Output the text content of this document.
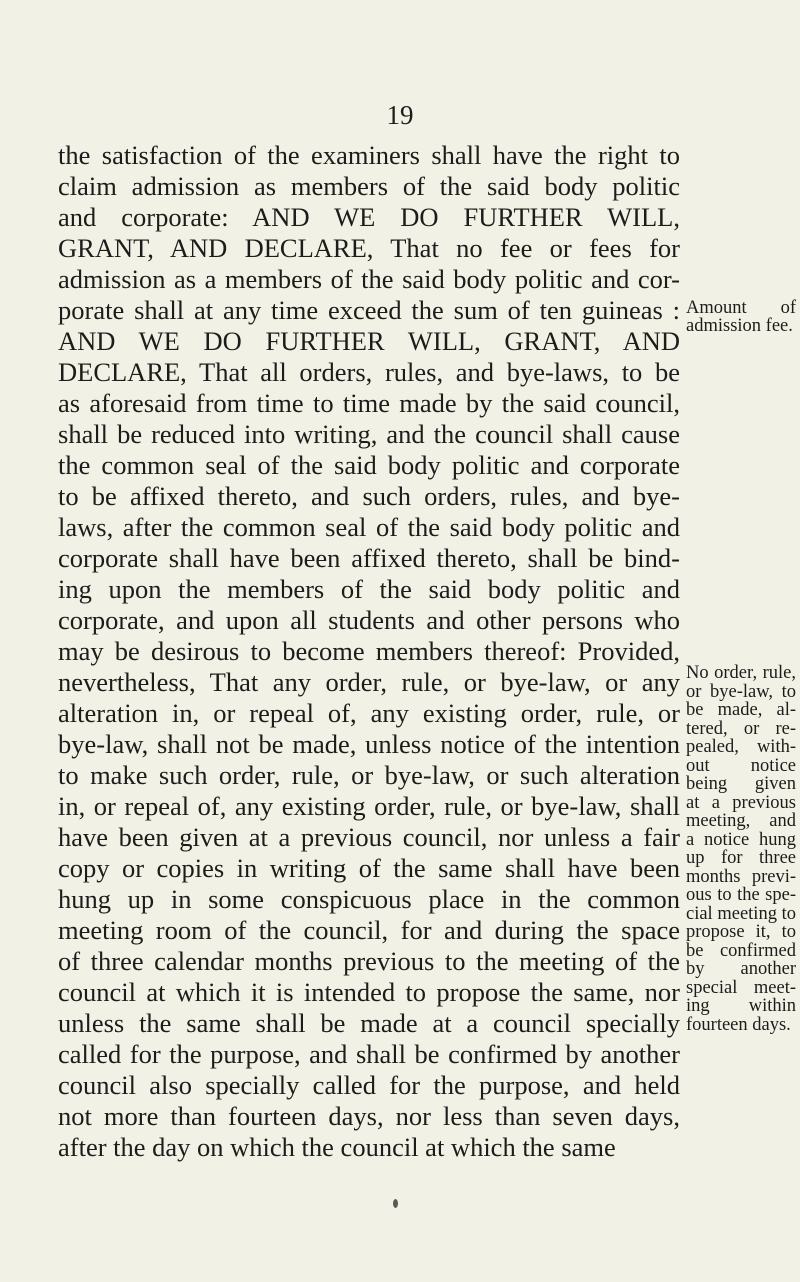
19
the satisfaction of the examiners shall have the right to
claim admission as members of the said body politic
and corporate: AND WE DO FURTHER WILL,
GRANT, AND DECLARE, That no fee or fees for
admission as a members of the said body politic and cor-
porate shall at any time exceed the sum of ten guineas :
AND WE DO FURTHER WILL, GRANT, AND
DECLARE, That all orders, rules, and bye-laws, to be
as aforesaid from time to time made by the said council,
shall be reduced into writing, and the council shall cause
the common seal of the said body politic and corporate
to be affixed thereto, and such orders, rules, and bye-
laws, after the common seal of the said body politic and
corporate shall have been affixed thereto, shall be bind-
ing upon the members of the said body politic and
corporate, and upon all students and other persons who
may be desirous to become members thereof: Provided,
nevertheless, That any order, rule, or bye-law, or any
alteration in, or repeal of, any existing order, rule, or
bye-law, shall not be made, unless notice of the intention
to make such order, rule, or bye-law, or such alteration
in, or repeal of, any existing order, rule, or bye-law, shall
have been given at a previous council, nor unless a fair
copy or copies in writing of the same shall have been
hung up in some conspicuous place in the common
meeting room of the council, for and during the space
of three calendar months previous to the meeting of the
council at which it is intended to propose the same, nor
unless the same shall be made at a council specially
called for the purpose, and shall be confirmed by another
council also specially called for the purpose, and held
not more than fourteen days, nor less than seven days,
after the day on which the council at which the same
Amount of
admission fee.
No order, rule,
or bye-law, to
be made, al-
tered, or re-
pealed, with-
out notice
being given
at a previous
meeting, and
a notice hung
up for three
months previ-
ous to the spe-
cial meeting to
propose it, to
be confirmed
by another
special meet-
ing within
fourteen days.
